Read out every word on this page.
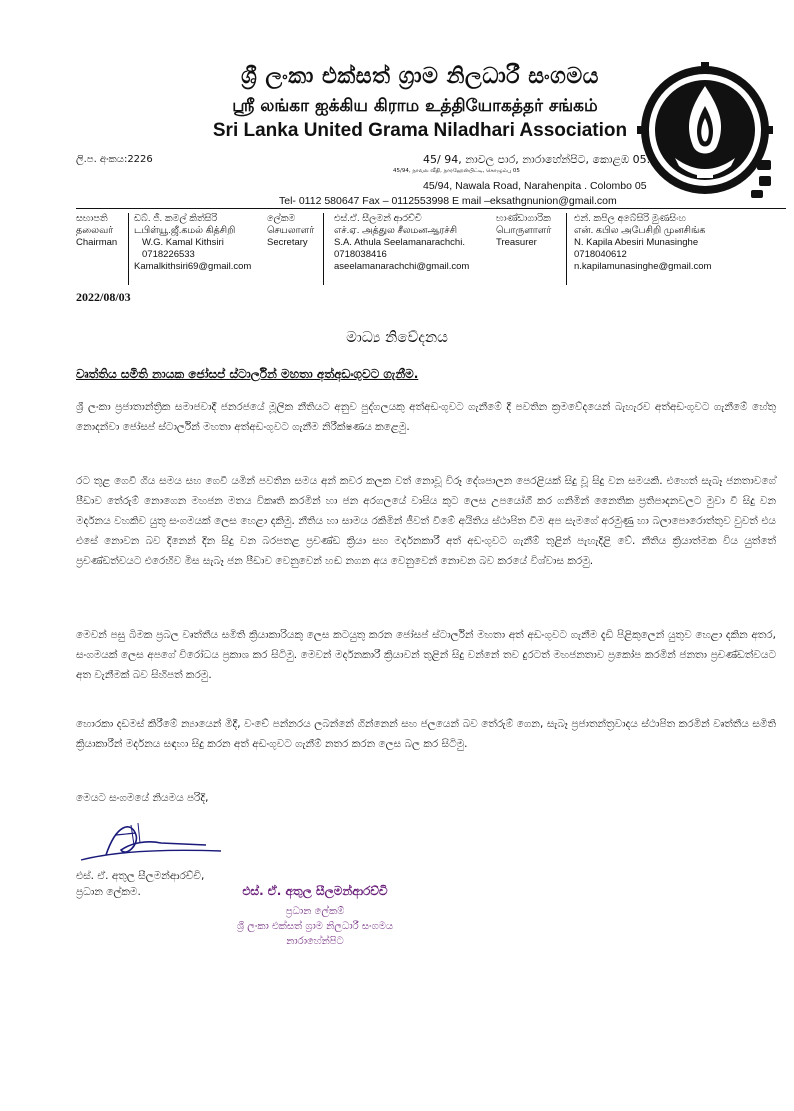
ශ්‍රී ලංකා එක්සත් ග්‍රාම නිලධාරී සංගමය
ஸ்ரீ லங்கா ஐக்கிய கிராம உத்தியோகத்தர் சங்கம்
Sri Lanka United Grama Niladhari Association
ලි.ප. අංකය:2226	45/ 94, නාවල පාර, නාරාහේන්පිට, කොළඹ 05.
45/94, நாவல வீதி, நாரஹேன்பிட்டி, கொழும்பு 05
45/94, Nawala Road, Narahenpita . Colombo 05
Tel- 0112 580647 Fax – 0112553998 E mail –eksathgnunion@gmail.com
සභාපති
தலைவர்
Chairman
ඩබ්. ජී. කමල් කිත්සිරි
டபிள்யூ.ஜீ.கமல் கித்சிறி
W.G. Kamal Kithsiri
0718226533
Kamalkithsiri69@gmail.com
ලේකම
செயலாளர்
Secretary
එස්.ඒ. සීලමන් ආරච්චි
எச்.ஏ. அத்துல சீலமனஆரச்சி
S.A. Athula Seelamanarachchi.
0718038416
aseelamanarachchi@gmail.com
භාණ්ඩාගාරික
பொருளாளர்
Treasurer
එන්. කපිල අබේසිරි මුණසිංහ
என். கபில அபேசிறி முனசிங்க
N. Kapila Abesiri Munasinghe
0718040612
n.kapilamunasinghe@gmail.com
2022/08/03
මාධ්‍ය නිවේදනය
වෘත්තිය සමිති නායක ජෝසප් ස්ටාර්ලින් මහතා අත්අඩංගුවට ගැනීම.
ශ්‍රී ලංකා ප්‍රජාතාන්ත්‍රික සමාජවාදී ජනරජයේ මූලික නීතියට අනුව පුද්ගලයකු අත්අඩංගුවට ගැනීමේ දී පවතින ක්‍රමවේදයෙන් බැහැරව අත්අඩංගුවට ගැනීමේ හේතු නොදන්වා ජෝසප් ස්ටාර්ලින් මහතා අත්අඩංගුවට ගැනීම නිරීක්ෂණය කළෙමු.
රට තුළ ගෙවී ගිය සමය සහ ගෙවී යමින් පවතින සමය අන් කවර කලක වත් නොවූ විරූ දේශපාලන පෙරළියක් සිදු වූ සිදු වන සමයකි. එහෙත් සැබෑ ජනතාවගේ පීඩාව තේරුම් නොගෙන මහජන මතය විකෘති කරමින් හා ජන අරගලයේ වාසිය කුට ලෙස උපයෝගී කර ගනිමින් නෛතික ප්‍රතිපාදනවලට මුවා වී සිදු වන මර්දනය වහකිව යුතු සංගමයක් ලෙස හෙළා දකිමු. නීතිය හා සාමය රකිමින් ජීවත් වීමේ අයිතිය ස්ථාපිත වීම අප සැමගේ අරමුණු හා බලාපොරොත්තුව වුවත් එය එසේ නොවන බව දිනෙන් දින සිදු වන බරපතළ ප්‍රචණ්ඩ ක්‍රියා සහ මර්දනකාරී අත් අඩංගුවට ගැනීම් තුළින් පැහැදිළි වේ. නීතිය ක්‍රියාත්මක විය යුත්තේ ප්‍රචණ්ඩත්වයට එරෙහිව මිස සැබෑ ජන පීඩාව වෙනුවෙන් හඬ නගන අය වෙනුවෙන් නොවන බව කරයේ විශ්වාස කරමු.
මෙවන් පසු බිමක ප්‍රබල වෘත්තීය සමිති ක්‍රියාකාරියකු ලෙස කටයුතු කරන ජෝසප් ස්ටාර්ලින් මහතා අත් අඩංගුවට ගැනීම දැඩි පිළිකුලෙන් යුතුව හෙළා දකින අතර, සංගමයක් ලෙස අපගේ විරෝධය ප්‍රකාශ කර සිටිමු. මෙවන් මර්දනකාරී ක්‍රියාවන් තුළින් සිදු වන්නේ තව දුරටත් මහජනතාව ප්‍රකෝප කරමින් ජනතා ප්‍රචණ්ඩත්වයට අත වැනීමක් බව සිහිපත් කරමු.
හොරකා දඩමස් කිරීමේ න්‍යායෙන් මිදී, වංචේ පන්නරය ලබන්නේ ගින්නෙන් සහ ජලයෙන් බව තේරුම් ගෙන, සැබෑ ප්‍රජාතන්ත්‍රවාදය ස්ථාපිත කරමින් වෘත්තීය සමිති ක්‍රියාකාරීන් මර්දනය සඳහා සිදු කරන අත් අඩංගුවට ගැනීම් නතර කරන ලෙස බල කර සිටිමු.
මෙයට සංගමයේ නියමය පරිදි,
එස්. ඒ. අතුල සීලමන්ආරච්චි,
ප්‍රධාන ලේකම.	එස්. ඒ. අතුල සීලමන්ආරච්චි
ප්‍රධාන ලේකම්
ශ්‍රී ලංකා එක්සත් ග්‍රාම නිලධාරී සංගමය
නාරාහේන්පිට
